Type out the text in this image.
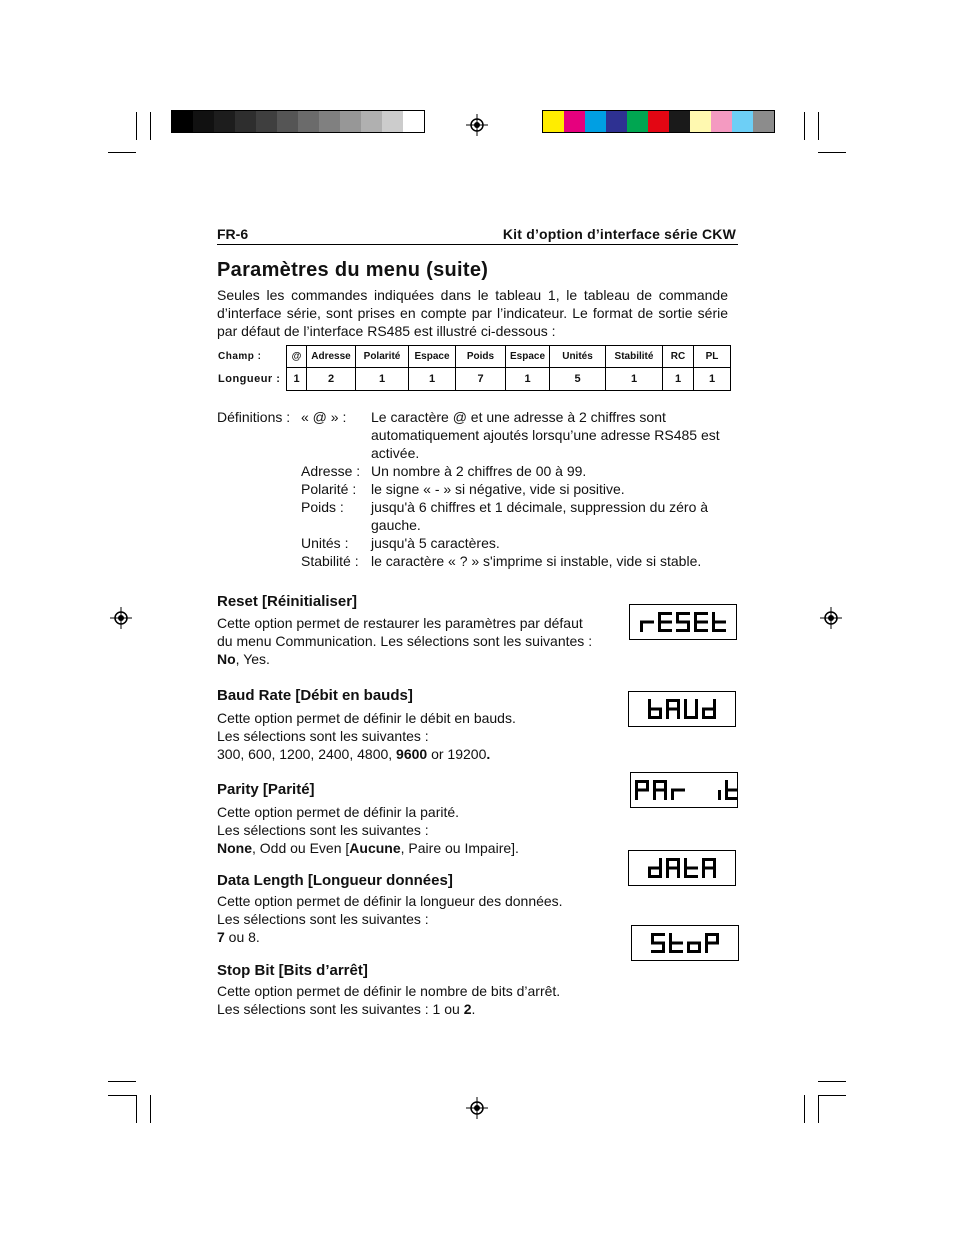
FR-6	Kit d’option d’interface série CKW
Paramètres du menu (suite)
Seules les commandes indiquées dans le tableau 1, le tableau de commande d’interface série, sont prises en compte par l’indicateur. Le format de sortie série par défaut de l’interface RS485 est illustré ci-dessous :
Champ :	@	Adresse	Polarité	Espace	Poids	Espace	Unités	Stabilité	RC	PL	
Longueur :	1	2	1	1	7	1	5	1	1	1	
Définitions : « @ » : Le caractère @ et une adresse à 2 chiffres sont
automatiquement ajoutés lorsqu’une adresse RS485 est
activée.
Adresse : Un nombre à 2 chiffres de 00 à 99.
Polarité : le signe « - » si négative, vide si positive.
Poids : jusqu'à 6 chiffres et 1 décimale, suppression du zéro à
gauche.
Unités : jusqu'à 5 caractères.
Stabilité : le caractère « ? » s'imprime si instable, vide si stable.
Reset [Réinitialiser]
Cette option permet de restaurer les paramètres par défaut
du menu Communication. Les sélections sont les suivantes :
No, Yes.
Baud Rate [Débit en bauds]
Cette option permet de définir le débit en bauds.
Les sélections sont les suivantes :
300, 600, 1200, 2400, 4800, 9600 or 19200.
Parity [Parité]
Cette option permet de définir la parité.
Les sélections sont les suivantes :
None, Odd ou Even [Aucune, Paire ou Impaire].
Data Length [Longueur données]
Cette option permet de définir la longueur des données.
Les sélections sont les suivantes :
7 ou 8.
Stop Bit [Bits d’arrêt]
Cette option permet de définir le nombre de bits d’arrêt.
Les sélections sont les suivantes : 1 ou 2.
